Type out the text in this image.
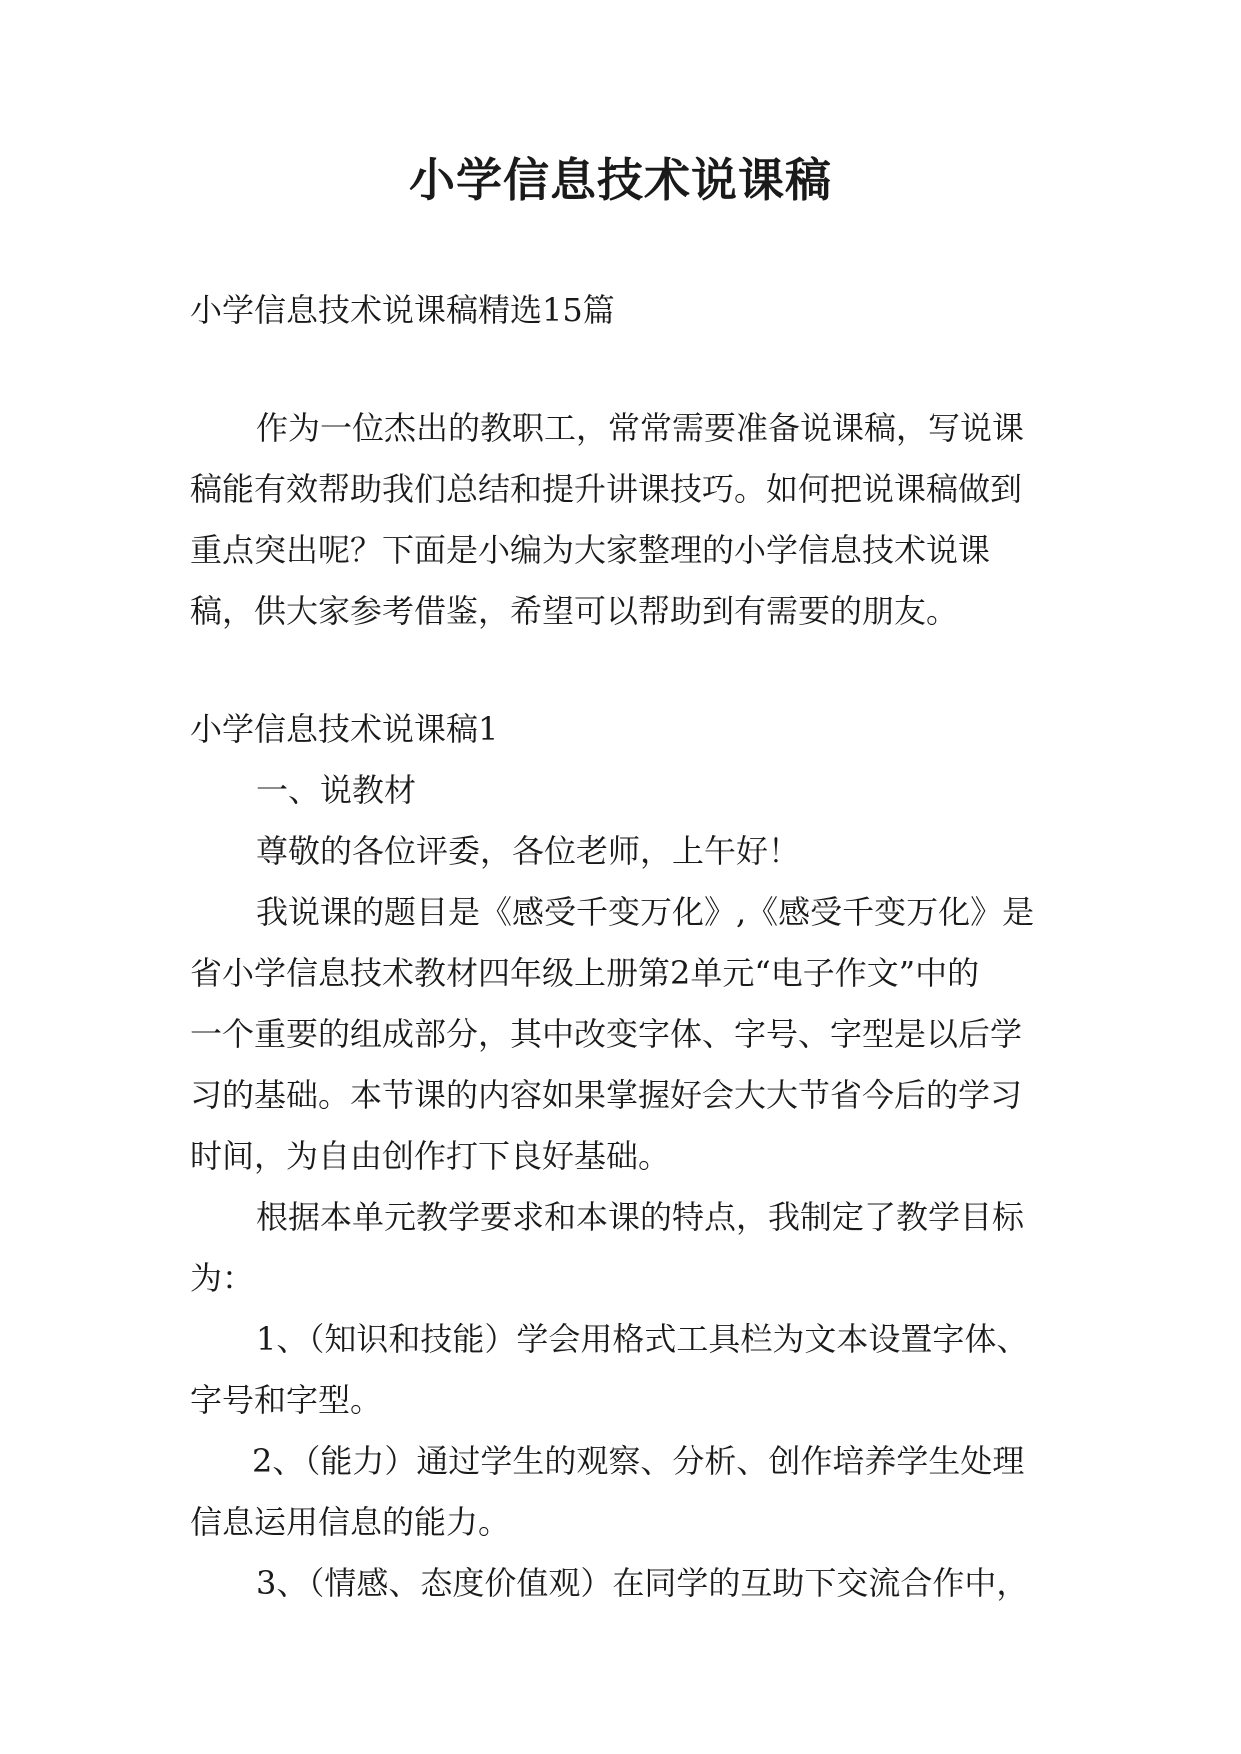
小学信息技术说课稿
小学信息技术说课稿精选15篇
作为一位杰出的教职工，常常需要准备说课稿，写说课
稿能有效帮助我们总结和提升讲课技巧。如何把说课稿做到
重点突出呢？下面是小编为大家整理的小学信息技术说课
稿，供大家参考借鉴，希望可以帮助到有需要的朋友。
小学信息技术说课稿1
一、说教材
尊敬的各位评委，各位老师，上午好！
我说课的题目是《感受千变万化》,《感受千变万化》是
省小学信息技术教材四年级上册第2单元“电子作文”中的
一个重要的组成部分，其中改变字体、字号、字型是以后学
习的基础。本节课的内容如果掌握好会大大节省今后的学习
时间，为自由创作打下良好基础。
根据本单元教学要求和本课的特点，我制定了教学目标
为：
1、（知识和技能）学会用格式工具栏为文本设置字体、
字号和字型。
2、（能力）通过学生的观察、分析、创作培养学生处理
信息运用信息的能力。
3、（情感、态度价值观）在同学的互助下交流合作中，
